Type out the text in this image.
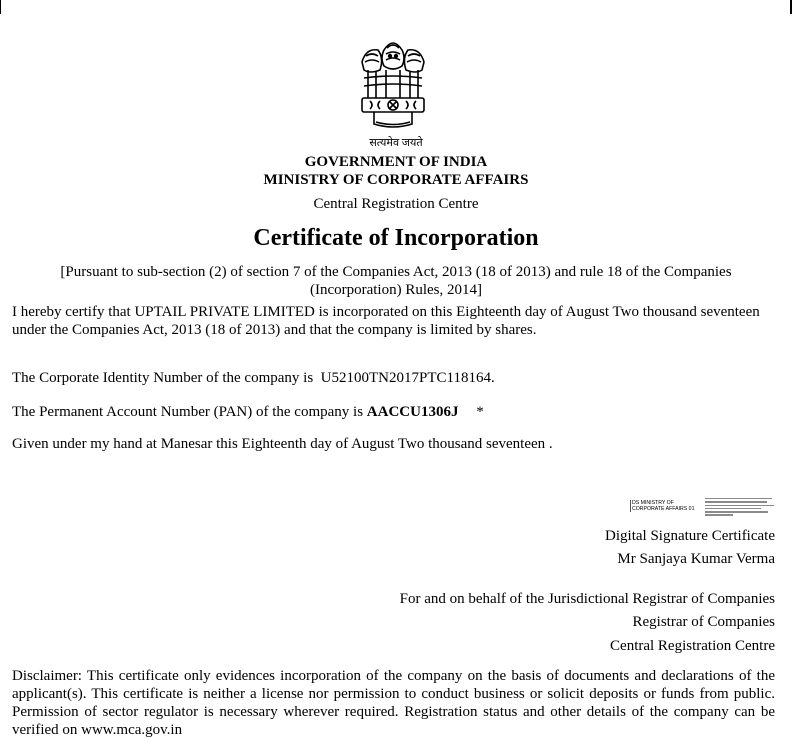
सत्यमेव जयते
GOVERNMENT OF INDIA
MINISTRY OF CORPORATE AFFAIRS
Central Registration Centre
Certificate of Incorporation
[Pursuant to sub-section (2) of section 7 of the Companies Act, 2013 (18 of 2013) and rule 18 of the Companies (Incorporation) Rules, 2014]
I hereby certify that UPTAIL PRIVATE LIMITED is incorporated on this Eighteenth day of August Two thousand seventeen under the Companies Act, 2013 (18 of 2013) and that the company is limited by shares.
The Corporate Identity Number of the company is U52100TN2017PTC118164.
The Permanent Account Number (PAN) of the company is AACCU1306J *
Given under my hand at Manesar this Eighteenth day of August Two thousand seventeen .
DS MINISTRY OF
CORPORATE AFFAIRS 01
Digital Signature Certificate
Mr Sanjaya Kumar Verma
For and on behalf of the Jurisdictional Registrar of Companies
Registrar of Companies
Central Registration Centre
Disclaimer: This certificate only evidences incorporation of the company on the basis of documents and declarations of the applicant(s). This certificate is neither a license nor permission to conduct business or solicit deposits or funds from public. Permission of sector regulator is necessary wherever required. Registration status and other details of the company can be verified on www.mca.gov.in
